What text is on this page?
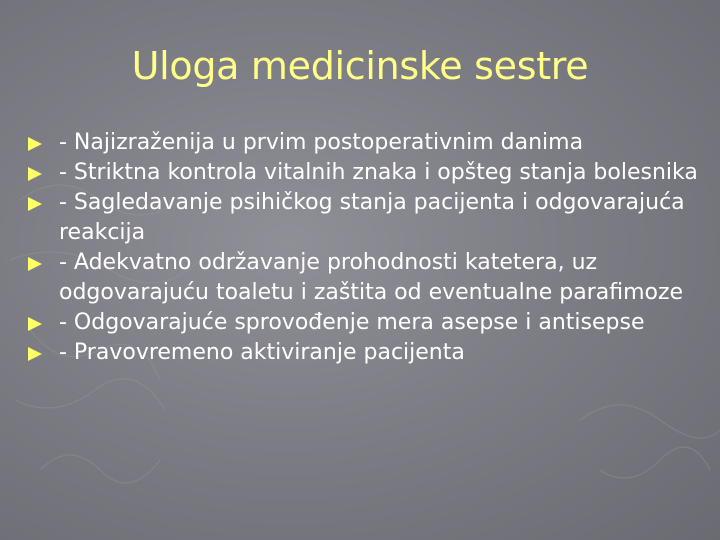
Uloga medicinske sestre
- Najizraženija u prvim postoperativnim danima
- Striktna kontrola vitalnih znaka i opšteg stanja bolesnika
- Sagledavanje psihičkog stanja pacijenta i odgovarajuća reakcija
- Adekvatno održavanje prohodnosti katetera, uz odgovarajuću toaletu i zaštita od eventualne parafimoze
- Odgovarajuće sprovođenje mera asepse i antisepse
- Pravovremeno aktiviranje pacijenta
